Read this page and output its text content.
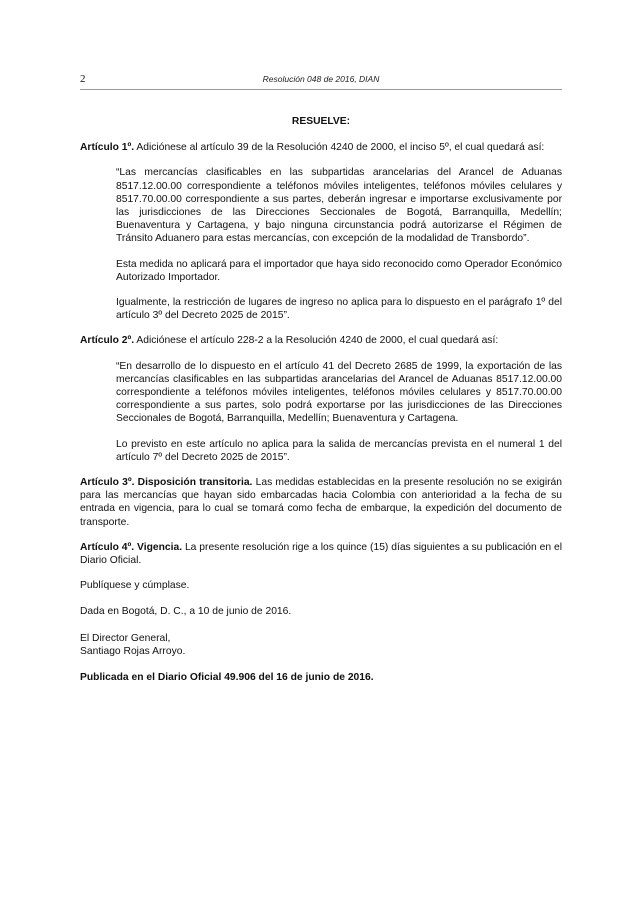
2	Resolución 048 de 2016, DIAN

RESUELVE:

Artículo 1º. Adiciónese al artículo 39 de la Resolución 4240 de 2000, el inciso 5º, el cual quedará así:

“Las mercancías clasificables en las subpartidas arancelarias del Arancel de Aduanas 8517.12.00.00 correspondiente a teléfonos móviles inteligentes, teléfonos móviles celulares y 8517.70.00.00 correspondiente a sus partes, deberán ingresar e importarse exclusivamente por las jurisdicciones de las Direcciones Seccionales de Bogotá, Barranquilla, Medellín; Buenaventura y Cartagena, y bajo ninguna circunstancia podrá autorizarse el Régimen de Tránsito Aduanero para estas mercancías, con excepción de la modalidad de Transbordo”.

Esta medida no aplicará para el importador que haya sido reconocido como Operador Económico Autorizado Importador.

Igualmente, la restricción de lugares de ingreso no aplica para lo dispuesto en el parágrafo 1º del artículo 3º del Decreto 2025 de 2015”.

Artículo 2º. Adiciónese el artículo 228-2 a la Resolución 4240 de 2000, el cual quedará así:

“En desarrollo de lo dispuesto en el artículo 41 del Decreto 2685 de 1999, la exportación de las mercancías clasificables en las subpartidas arancelarias del Arancel de Aduanas 8517.12.00.00 correspondiente a teléfonos móviles inteligentes, teléfonos móviles celulares y 8517.70.00.00 correspondiente a sus partes, solo podrá exportarse por las jurisdicciones de las Direcciones Seccionales de Bogotá, Barranquilla, Medellín; Buenaventura y Cartagena.

Lo previsto en este artículo no aplica para la salida de mercancías prevista en el numeral 1 del artículo 7º del Decreto 2025 de 2015”.

Artículo 3º. Disposición transitoria. Las medidas establecidas en la presente resolución no se exigirán para las mercancías que hayan sido embarcadas hacia Colombia con anterioridad a la fecha de su entrada en vigencia, para lo cual se tomará como fecha de embarque, la expedición del documento de transporte.

Artículo 4º. Vigencia. La presente resolución rige a los quince (15) días siguientes a su publicación en el Diario Oficial.

Publíquese y cúmplase.

Dada en Bogotá, D. C., a 10 de junio de 2016.

El Director General,

Santiago Rojas Arroyo.

Publicada en el Diario Oficial 49.906 del 16 de junio de 2016.
